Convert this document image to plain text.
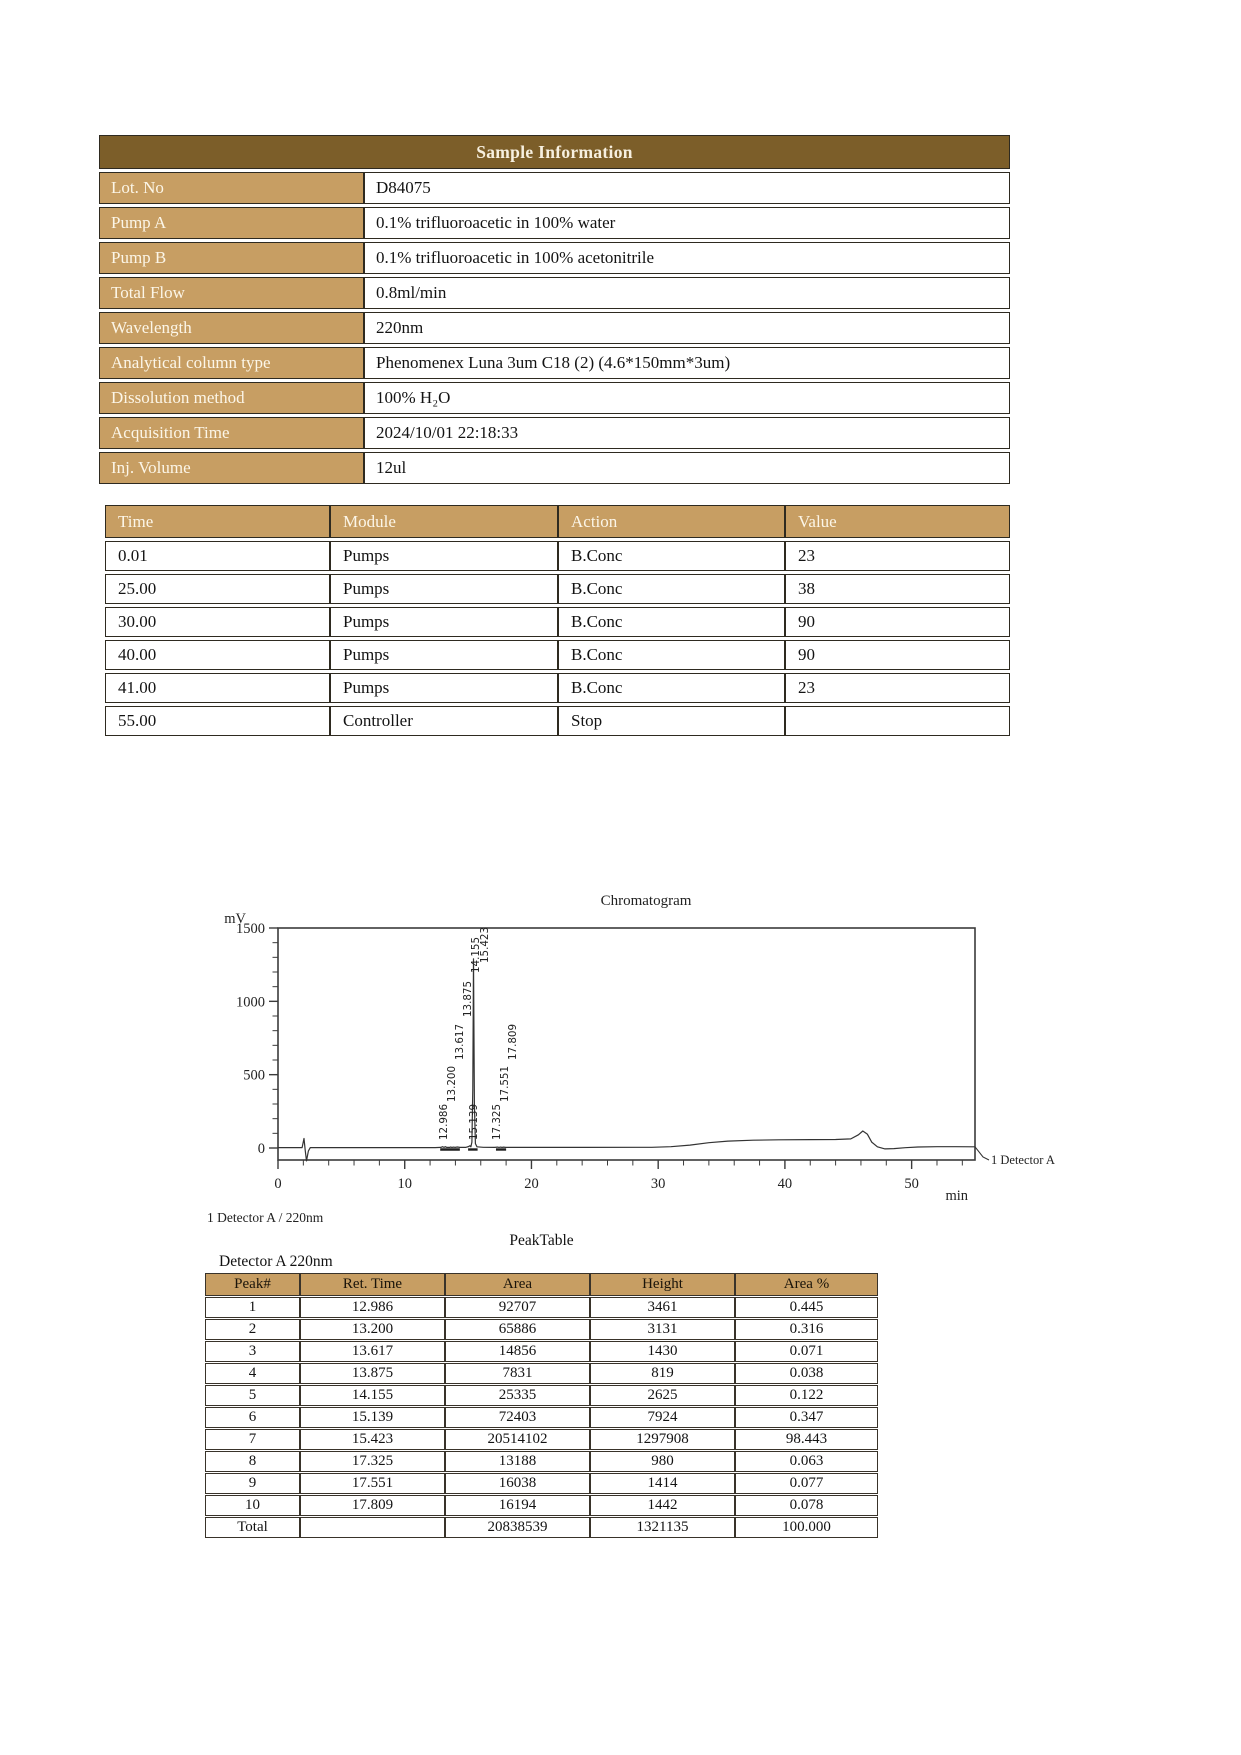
Sample Information	
Lot. No	D84075
Pump A	0.1% trifluoroacetic in 100% water
Pump B	0.1% trifluoroacetic in 100% acetonitrile
Total Flow	0.8ml/min
Wavelength	220nm
Analytical column type	Phenomenex Luna 3um C18 (2) (4.6*150mm*3um)
Dissolution method	100% H₂O
Acquisition Time	2024/10/01 22:18:33
Inj. Volume	12ul
Time	Module	Action	Value
0.01	Pumps	B.Conc	23
25.00	Pumps	B.Conc	38
30.00	Pumps	B.Conc	90
40.00	Pumps	B.Conc	90
41.00	Pumps	B.Conc	23
55.00	Controller	Stop	
Chromatogram
mV
min
0	10	20	30	40	50
0
500
1000
1500
12.986
13.200
13.617
13.875
14.155
15.139
15.423
17.325
17.551
17.809
1 Detector A
1 Detector A / 220nm
PeakTable
Detector A 220nm
Peak#	Ret. Time	Area	Height	Area %
1	12.986	92707	3461	0.445
2	13.200	65886	3131	0.316
3	13.617	14856	1430	0.071
4	13.875	7831	819	0.038
5	14.155	25335	2625	0.122
6	15.139	72403	7924	0.347
7	15.423	20514102	1297908	98.443
8	17.325	13188	980	0.063
9	17.551	16038	1414	0.077
10	17.809	16194	1442	0.078
Total		20838539	1321135	100.000
